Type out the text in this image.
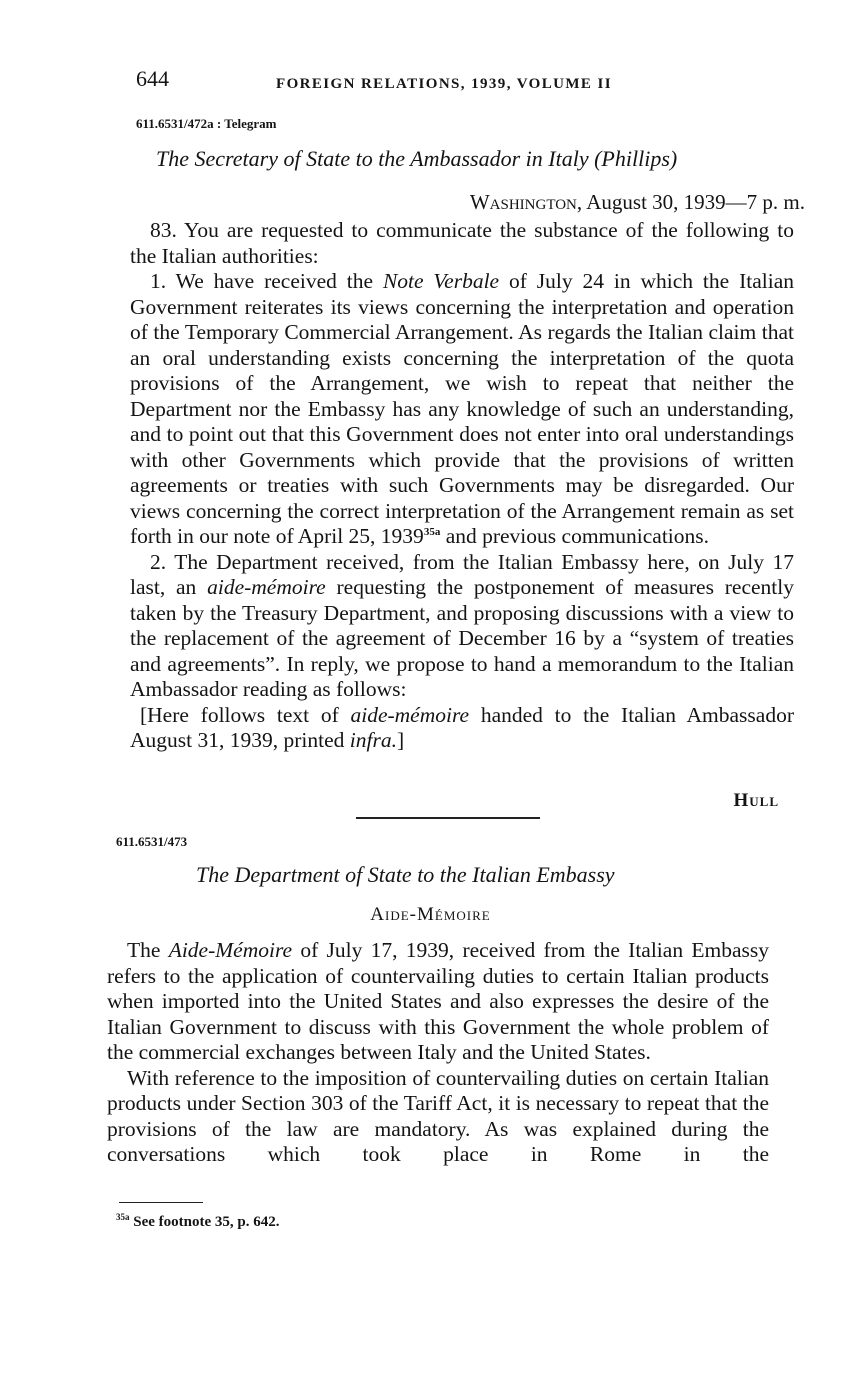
644	FOREIGN RELATIONS, 1939, VOLUME II
611.6531/472a : Telegram
The Secretary of State to the Ambassador in Italy (Phillips)
Washington, August 30, 1939—7 p. m.

83. You are requested to communicate the substance of the following to the Italian authorities:

1. We have received the Note Verbale of July 24 in which the Italian Government reiterates its views concerning the interpretation and operation of the Temporary Commercial Arrangement. As regards the Italian claim that an oral understanding exists concerning the interpretation of the quota provisions of the Arrangement, we wish to repeat that neither the Department nor the Embassy has any knowledge of such an understanding, and to point out that this Government does not enter into oral understandings with other Governments which provide that the provisions of written agreements or treaties with such Governments may be disregarded. Our views concerning the correct interpretation of the Arrangement remain as set forth in our note of April 25, $1939^{35a}$ and previous communications.

2. The Department received, from the Italian Embassy here, on July 17 last, an aide-mémoire requesting the postponement of measures recently taken by the Treasury Department, and proposing discussions with a view to the replacement of the agreement of December 16 by a “system of treaties and agreements”. In reply, we propose to hand a memorandum to the Italian Ambassador reading as follows:

[Here follows text of aide-mémoire handed to the Italian Ambassador August 31, 1939, printed infra.]

Hull
611.6531/473
The Department of State to the Italian Embassy
Aide-Mémoire

The Aide-Mémoire of July 17, 1939, received from the Italian Embassy refers to the application of countervailing duties to certain Italian products when imported into the United States and also expresses the desire of the Italian Government to discuss with this Government the whole problem of the commercial exchanges between Italy and the United States.

With reference to the imposition of countervailing duties on certain Italian products under Section 303 of the Tariff Act, it is necessary to repeat that the provisions of the law are mandatory. As was explained during the conversations which took place in Rome in the

$^{35a}$ See footnote 35, p. 642.
